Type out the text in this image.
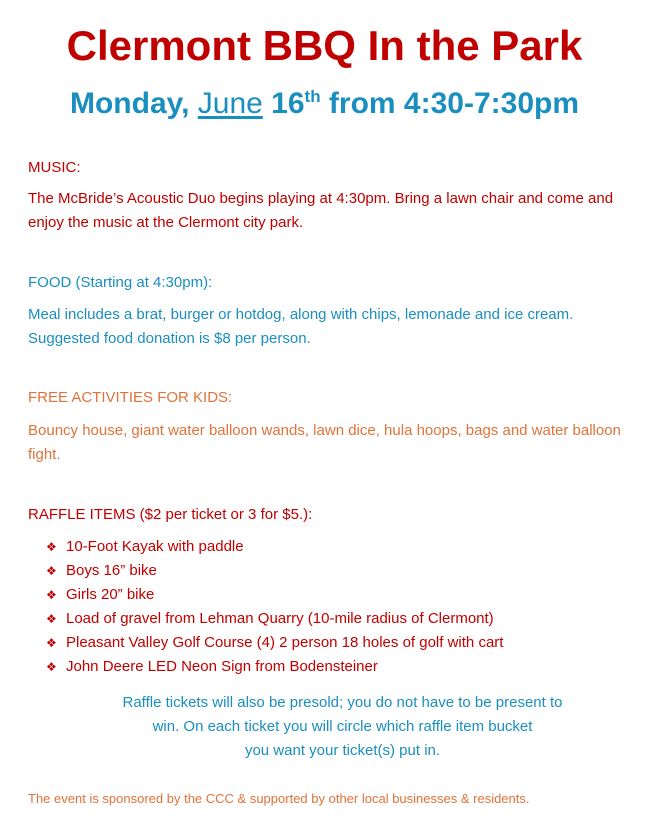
Clermont BBQ In the Park
Monday, June 16th from 4:30-7:30pm
MUSIC:
The McBride’s Acoustic Duo begins playing at 4:30pm. Bring a lawn chair and come and enjoy the music at the Clermont city park.
FOOD (Starting at 4:30pm):
Meal includes a brat, burger or hotdog, along with chips, lemonade and ice cream. Suggested food donation is $8 per person.
FREE ACTIVITIES FOR KIDS:
Bouncy house, giant water balloon wands, lawn dice, hula hoops, bags and water balloon fight.
RAFFLE ITEMS ($2 per ticket or 3 for $5.):
❖ 10-Foot Kayak with paddle
❖ Boys 16” bike
❖ Girls 20” bike
❖ Load of gravel from Lehman Quarry (10-mile radius of Clermont)
❖ Pleasant Valley Golf Course (4) 2 person 18 holes of golf with cart
❖ John Deere LED Neon Sign from Bodensteiner
Raffle tickets will also be presold; you do not have to be present to
win. On each ticket you will circle which raffle item bucket
you want your ticket(s) put in.
The event is sponsored by the CCC & supported by other local businesses & residents.
